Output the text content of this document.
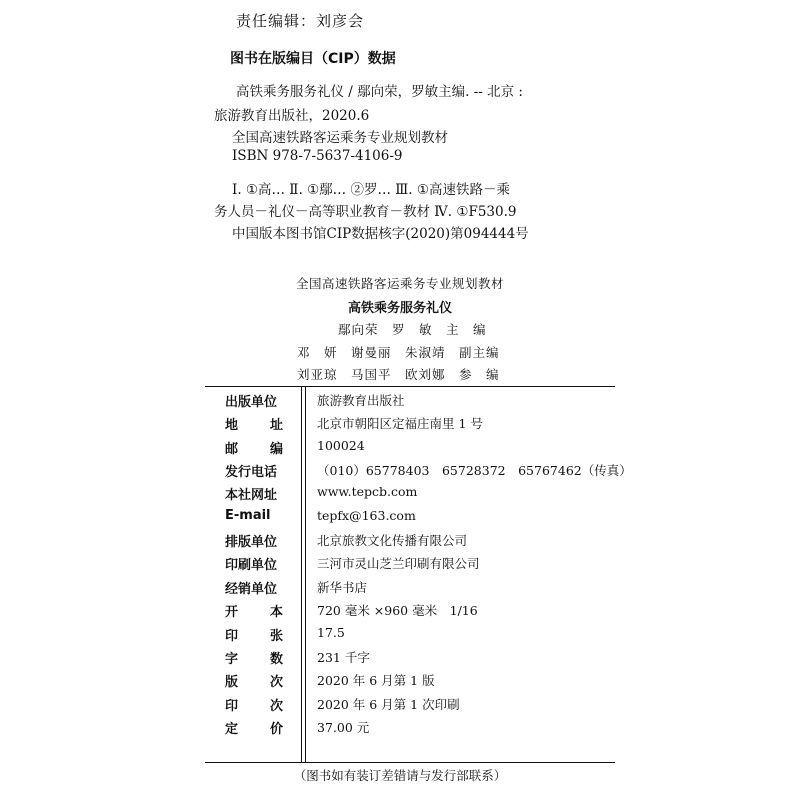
责任编辑：刘彦会
图书在版编目（CIP）数据
高铁乘务服务礼仪 / 鄢向荣，罗敏主编. -- 北京 :
旅游教育出版社，2020.6
全国高速铁路客运乘务专业规划教材
ISBN 978-7-5637-4106-9
Ⅰ. ①高… Ⅱ. ①鄢… ②罗… Ⅲ. ①高速铁路－乘
务人员－礼仪－高等职业教育－教材 Ⅳ. ①F530.9
中国版本图书馆CIP数据核字(2020)第094444号
全国高速铁路客运乘务专业规划教材
高铁乘务服务礼仪
鄢向荣　罗　敏　主　编
邓　妍　谢曼丽　朱淑靖　副主编
刘亚琼　马国平　欧刘娜　参　编
出版单位	旅游教育出版社
地 址	北京市朝阳区定福庄南里 1 号
邮 编	100024
发行电话	（010）65778403　65728372　65767462（传真）
本社网址	www.tepcb.com
E-mail	tepfx@163.com
排版单位	北京旅教文化传播有限公司
印刷单位	三河市灵山芝兰印刷有限公司
经销单位	新华书店
开 本	720 毫米 ×960 毫米　1/16
印 张	17.5
字 数	231 千字
版 次	2020 年 6 月第 1 版
印 次	2020 年 6 月第 1 次印刷
定 价	37.00 元
（图书如有装订差错请与发行部联系）
